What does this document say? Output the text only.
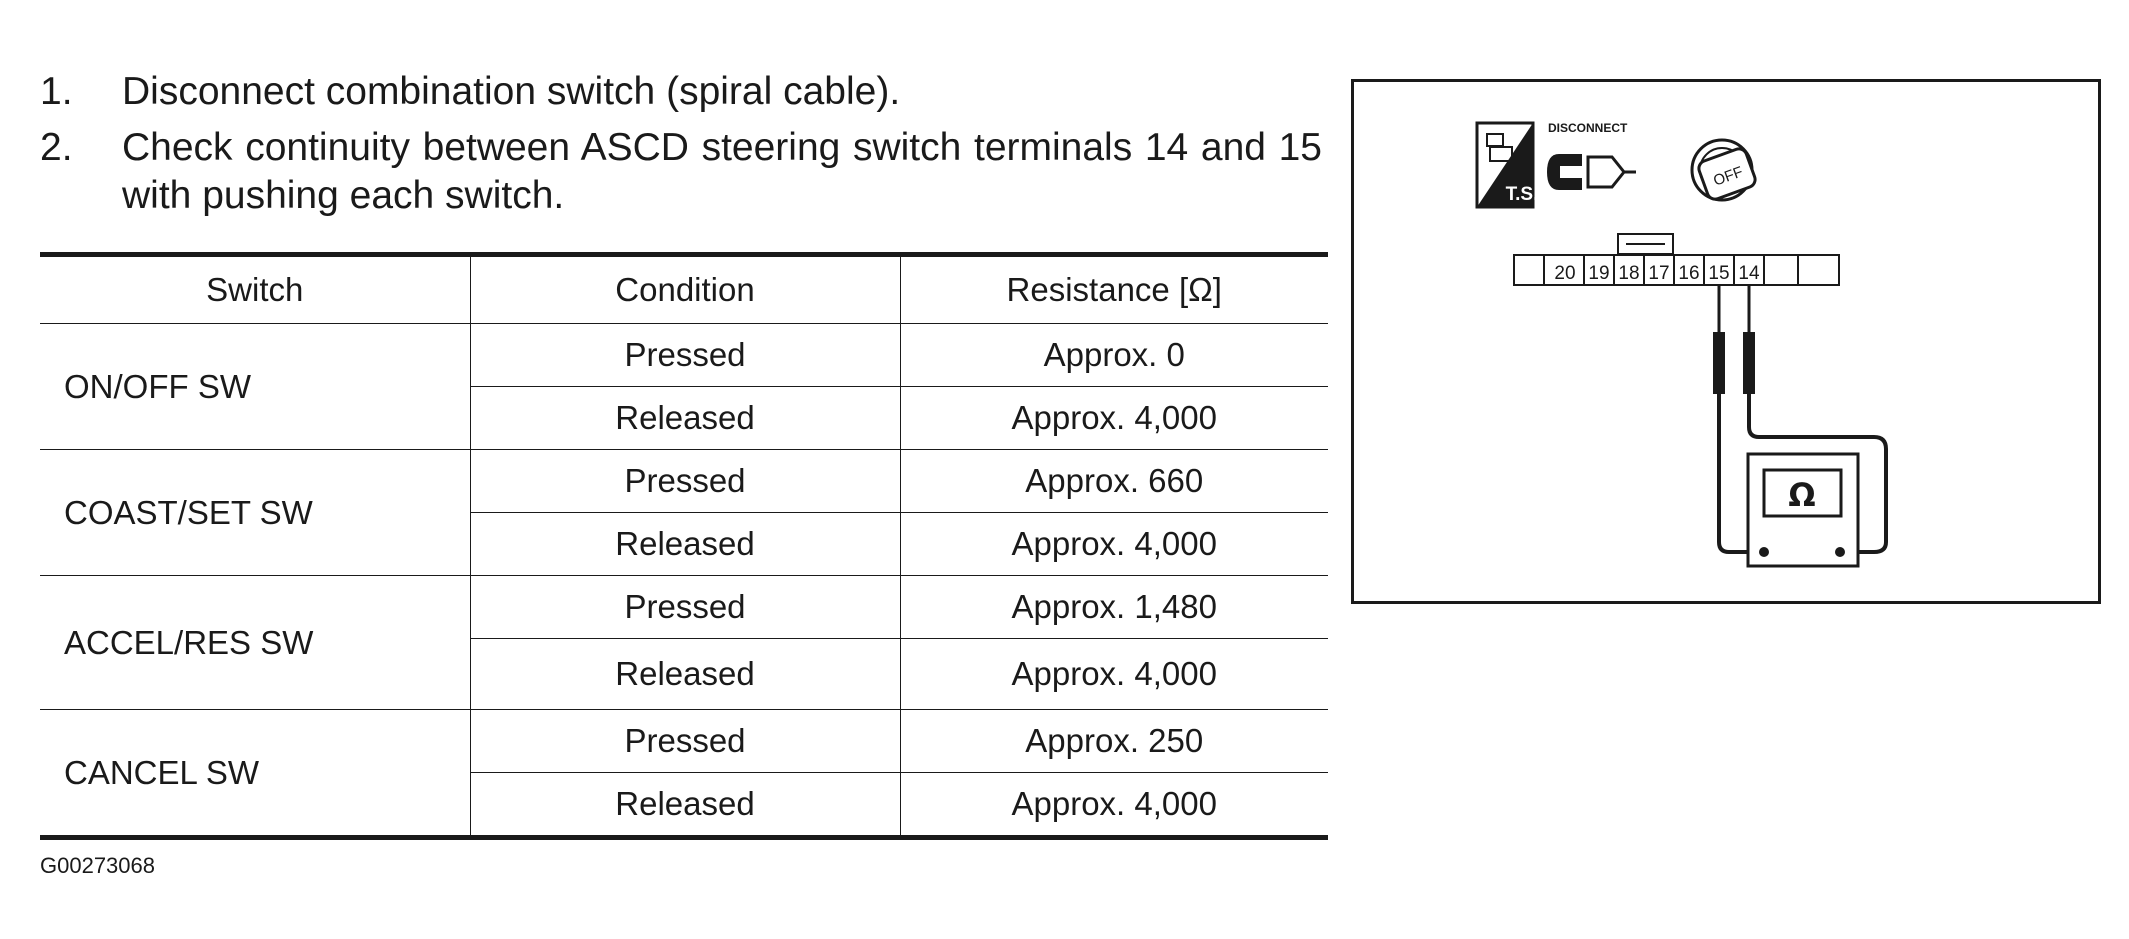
1.	Disconnect combination switch (spiral cable).
2.	Check continuity between ASCD steering switch terminals 14 and 15 with pushing each switch.
Switch	Condition	Resistance [Ω]
ON/OFF SW	Pressed	Approx. 0
	Released	Approx. 4,000
COAST/SET SW	Pressed	Approx. 660
	Released	Approx. 4,000
ACCEL/RES SW	Pressed	Approx. 1,480
	Released	Approx. 4,000
CANCEL SW	Pressed	Approx. 250
	Released	Approx. 4,000
G00273068
T.S.
DISCONNECT
OFF
20 19 18 17 16 15 14
Ω
